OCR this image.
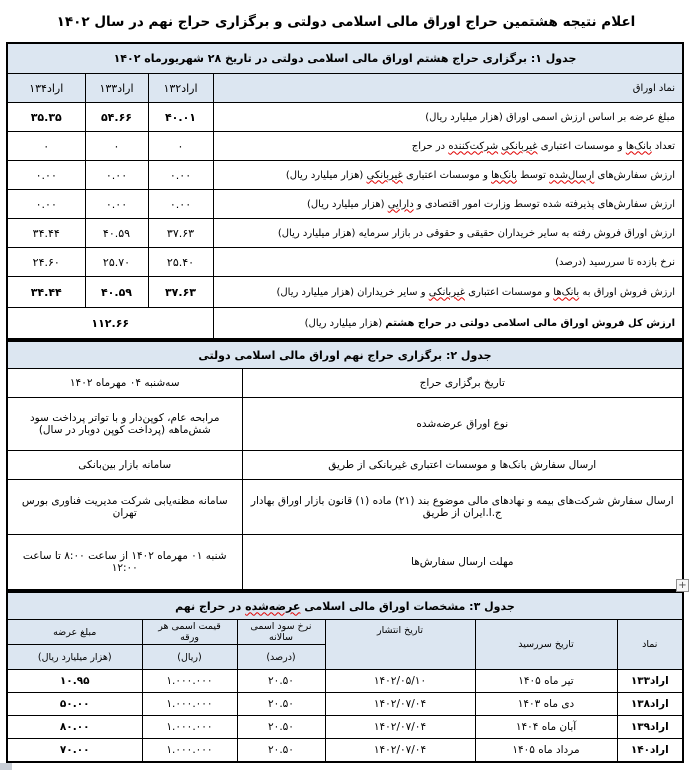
اعلام نتیجه هشتمین حراج اوراق مالی اسلامی دولتی و برگزاری حراج نهم در سال ۱۴۰۲
جدول ۱: برگزاری حراج هشتم اوراق مالی اسلامی دولتی در تاریخ ۲۸ شهریورماه ۱۴۰۲			
نماد اوراق	اراد۱۳۲	اراد۱۳۳	اراد۱۳۴
مبلغ عرضه بر اساس ارزش اسمی اوراق (هزار میلیارد ریال)	۴۰.۰۱	۵۴.۶۶	۳۵.۳۵
تعداد بانک‌ها و موسسات اعتباری غیربانکی شرکت‌کننده در حراج	۰	۰	۰
ارزش سفارش‌های ارسال‌شده توسط بانک‌ها و موسسات اعتباری غیربانکی (هزار میلیارد ریال)	۰.۰۰	۰.۰۰	۰.۰۰
ارزش سفارش‌های پذیرفته شده توسط وزارت امور اقتصادی و دارایی (هزار میلیارد ریال)	۰.۰۰	۰.۰۰	۰.۰۰
ارزش اوراق فروش رفته به سایر خریداران حقیقی و حقوقی در بازار سرمایه (هزار میلیارد ریال)	۳۷.۶۳	۴۰.۵۹	۳۴.۴۴
نرخ بازده تا سررسید (درصد)	۲۵.۴۰	۲۵.۷۰	۲۴.۶۰
ارزش فروش اوراق به بانک‌ها و موسسات اعتباری غیربانکی و سایر خریداران (هزار میلیارد ریال)	۳۷.۶۳	۴۰.۵۹	۳۴.۴۴
ارزش کل فروش اوراق مالی اسلامی دولتی در حراج هشتم (هزار میلیارد ریال)	۱۱۲.۶۶		
جدول ۲: برگزاری حراج نهم اوراق مالی اسلامی دولتی	
تاریخ برگزاری حراج	سه‌شنبه ۰۴ مهرماه ۱۴۰۲
نوع اوراق عرضه‌شده	مرابحه عام، کوپن‌دار و با تواتر پرداخت سود شش‌ماهه (پرداخت کوپن دوبار در سال)
ارسال سفارش بانک‌ها و موسسات اعتباری غیربانکی از طریق	سامانه بازار بین‌بانکی
ارسال سفارش شرکت‌های بیمه و نهادهای مالی موضوع بند (۲۱) ماده (۱) قانون بازار اوراق بهادار ج.ا.ایران از طریق	سامانه مظنه‌یابی شرکت مدیریت فناوری بورس تهران
مهلت ارسال سفارش‌ها	شنبه ۰۱ مهرماه ۱۴۰۲ از ساعت ۸:۰۰ تا ساعت ۱۲:۰۰
جدول ۳: مشخصات اوراق مالی اسلامی عرضه‌شده در حراج نهم					
نماد	تاریخ سررسید	تاریخ انتشار	نرخ سود اسمی سالانه	قیمت اسمی هر ورقه	مبلغ عرضه
			(درصد)	(ریال)	(هزار میلیارد ریال)
اراد۱۳۳	تیر ماه ۱۴۰۵	۱۴۰۲/۰۵/۱۰	۲۰.۵۰	۱.۰۰۰.۰۰۰	۱۰.۹۵
اراد۱۳۸	دی ماه ۱۴۰۳	۱۴۰۲/۰۷/۰۴	۲۰.۵۰	۱.۰۰۰.۰۰۰	۵۰.۰۰
اراد۱۳۹	آبان ماه ۱۴۰۴	۱۴۰۲/۰۷/۰۴	۲۰.۵۰	۱.۰۰۰.۰۰۰	۸۰.۰۰
اراد۱۴۰	مرداد ماه ۱۴۰۵	۱۴۰۲/۰۷/۰۴	۲۰.۵۰	۱.۰۰۰.۰۰۰	۷۰.۰۰
+
